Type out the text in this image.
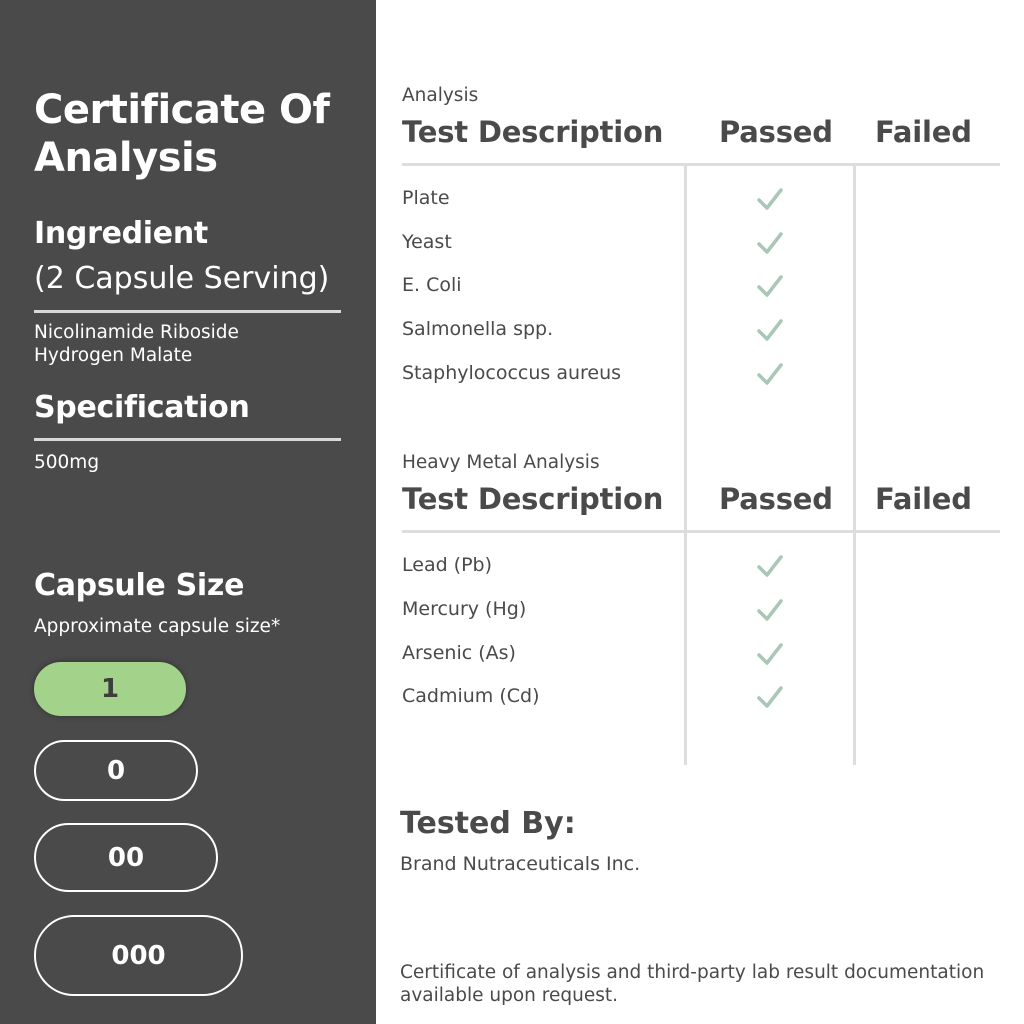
Certificate Of Analysis
Ingredient
(2 Capsule Serving)
Nicolinamide Riboside
Hydrogen Malate
Specification
500mg
Capsule Size
Approximate capsule size*
1
0
00
000
Analysis
Test Description Passed Failed
Plate
Yeast
E. Coli
Salmonella spp.
Staphylococcus aureus
Heavy Metal Analysis
Test Description Passed Failed
Lead (Pb)
Mercury (Hg)
Arsenic (As)
Cadmium (Cd)
Tested By:
Brand Nutraceuticals Inc.
Certificate of analysis and third-party lab result documentation available upon request.
